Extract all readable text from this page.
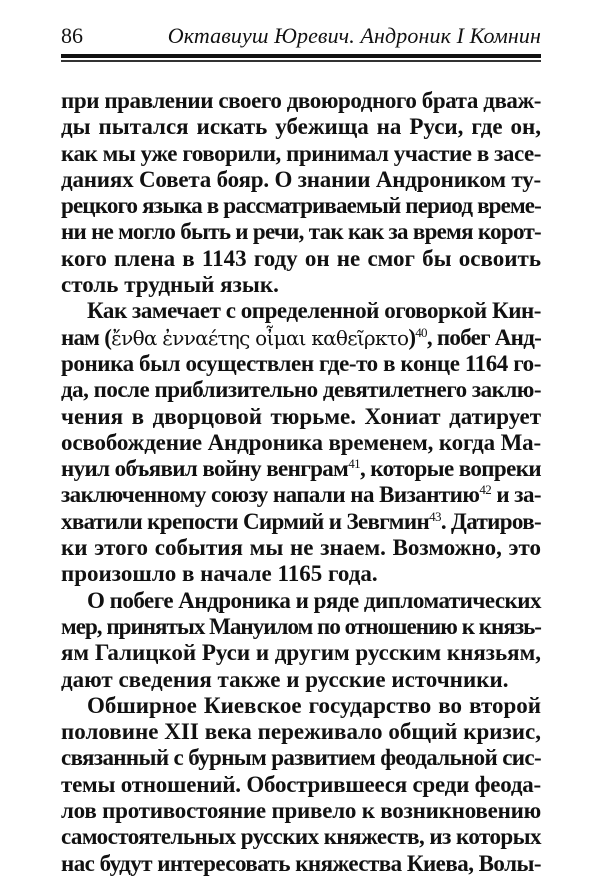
86	Октавиуш Юревич. Андроник I Комнин

при правлении своего двоюродного брата дваж-
ды пытался искать убежища на Руси, где он,
как мы уже говорили, принимал участие в засе-
даниях Совета бояр. О знании Андроником ту-
рецкого языка в рассматриваемый период време-
ни не могло быть и речи, так как за время корот-
кого плена в 1143 году он не смог бы освоить
столь трудный язык.

Как замечает с определенной оговоркой Кин-
нам (ἔνθα ἐνναέτης οἶμαι καθεῖρκτο)$^{40}$, побег Анд-
роника был осуществлен где-то в конце 1164 го-
да, после приблизительно девятилетнего заклю-
чения в дворцовой тюрьме. Хониат датирует
освобождение Андроника временем, когда Ма-
нуил объявил войну венграм$^{41}$, которые вопреки
заключенному союзу напали на Византию$^{42}$ и за-
хватили крепости Сирмий и Зевгмин$^{43}$. Датиров-
ки этого события мы не знаем. Возможно, это
произошло в начале 1165 года.

О побеге Андроника и ряде дипломатических
мер, принятых Мануилом по отношению к князь-
ям Галицкой Руси и другим русским князьям,
дают сведения также и русские источники.

Обширное Киевское государство во второй
половине XII века переживало общий кризис,
связанный с бурным развитием феодальной сис-
темы отношений. Обострившееся среди феода-
лов противостояние привело к возникновению
самостоятельных русских княжеств, из которых
нас будут интересовать княжества Киева, Волы-
